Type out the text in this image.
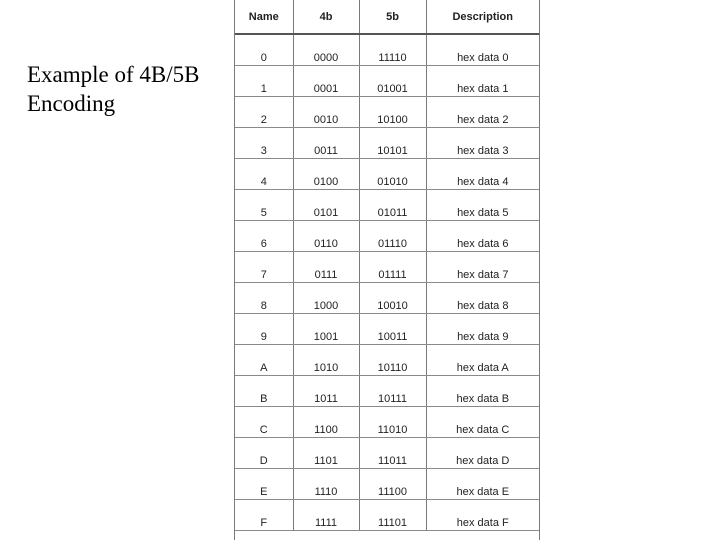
Example of 4B/5B Encoding
Name	4b	5b	Description
0	0000	11110	hex data 0
1	0001	01001	hex data 1
2	0010	10100	hex data 2
3	0011	10101	hex data 3
4	0100	01010	hex data 4
5	0101	01011	hex data 5
6	0110	01110	hex data 6
7	0111	01111	hex data 7
8	1000	10010	hex data 8
9	1001	10011	hex data 9
A	1010	10110	hex data A
B	1011	10111	hex data B
C	1100	11010	hex data C
D	1101	11011	hex data D
E	1110	11100	hex data E
F	1111	11101	hex data F
